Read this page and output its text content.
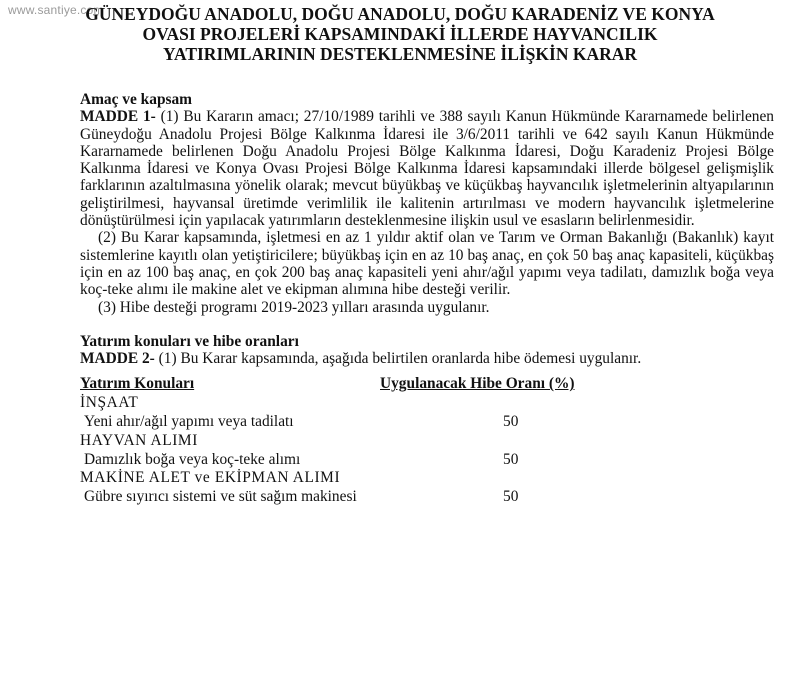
www.santiye.com
GÜNEYDOĞU ANADOLU, DOĞU ANADOLU, DOĞU KARADENİZ VE KONYA
OVASI PROJELERİ KAPSAMINDAKİ İLLERDE HAYVANCILIK
YATIRIMLARININ DESTEKLENMESİNE İLİŞKİN KARAR
Amaç ve kapsam

MADDE 1- (1) Bu Kararın amacı; 27/10/1989 tarihli ve 388 sayılı Kanun Hükmünde Kararnamede belirlenen Güneydoğu Anadolu Projesi Bölge Kalkınma İdaresi ile 3/6/2011 tarihli ve 642 sayılı Kanun Hükmünde Kararnamede belirlenen Doğu Anadolu Projesi Bölge Kalkınma İdaresi, Doğu Karadeniz Projesi Bölge Kalkınma İdaresi ve Konya Ovası Projesi Bölge Kalkınma İdaresi kapsamındaki illerde bölgesel gelişmişlik farklarının azaltılmasına yönelik olarak; mevcut büyükbaş ve küçükbaş hayvancılık işletmelerinin altyapılarının geliştirilmesi, hayvansal üretimde verimlilik ile kalitenin artırılması ve modern hayvancılık işletmelerine dönüştürülmesi için yapılacak yatırımların desteklenmesine ilişkin usul ve esasların belirlenmesidir.

(2) Bu Karar kapsamında, işletmesi en az 1 yıldır aktif olan ve Tarım ve Orman Bakanlığı (Bakanlık) kayıt sistemlerine kayıtlı olan yetiştiricilere; büyükbaş için en az 10 baş anaç, en çok 50 baş anaç kapasiteli, küçükbaş için en az 100 baş anaç, en çok 200 baş anaç kapasiteli yeni ahır/ağıl yapımı veya tadilatı, damızlık boğa veya koç-teke alımı ile makine alet ve ekipman alımına hibe desteği verilir.

(3) Hibe desteği programı 2019-2023 yılları arasında uygulanır.

Yatırım konuları ve hibe oranları

MADDE 2- (1) Bu Karar kapsamında, aşağıda belirtilen oranlarda hibe ödemesi uygulanır.

Yatırım Konuları	Uygulanacak Hibe Oranı (%)
İNŞAAT	
Yeni ahır/ağıl yapımı veya tadilatı	50
HAYVAN ALIMI	
Damızlık boğa veya koç-teke alımı	50
MAKİNE ALET ve EKİPMAN ALIMI	
Gübre sıyırıcı sistemi ve süt sağım makinesi	50
